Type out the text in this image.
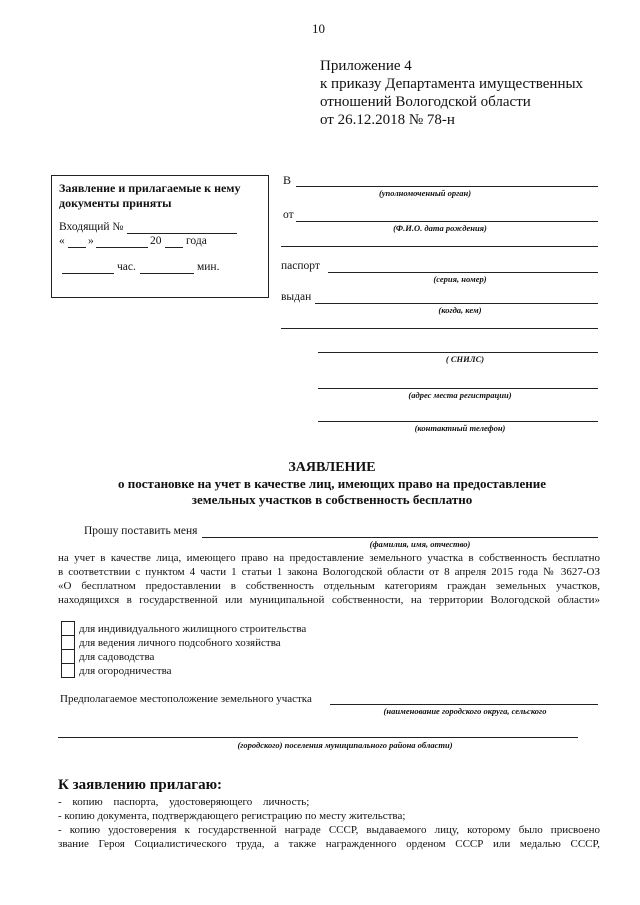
10
Приложение 4
к приказу Департамента имущественных
отношений Вологодской области
от 26.12.2018 № 78-н
Заявление и прилагаемые к нему
документы приняты
Входящий №
« »	20 года
час.	мин.
В
(уполномоченный орган)
от
(Ф.И.О. дата рождения)
паспорт
(серия, номер)
выдан
(когда, кем)
( СНИЛС)
(адрес места регистрации)
(контактный телефон)
ЗАЯВЛЕНИЕ
о постановке на учет в качестве лиц, имеющих право на предоставление
земельных участков в собственность бесплатно
Прошу поставить меня
(фамилия, имя, отчество)
на учет в качестве лица, имеющего право на предоставление земельного участка в собственность бесплатно
в соответствии с пунктом 4 части 1 статьи 1 закона Вологодской области от 8 апреля 2015 года № 3627-ОЗ
«О бесплатном предоставлении в собственность отдельным категориям граждан земельных участков,
находящихся в государственной или муниципальной собственности, на территории Вологодской области»
для индивидуального жилищного строительства
для ведения личного подсобного хозяйства
для садоводства
для огородничества
Предполагаемое местоположение земельного участка
(наименование городского округа, сельского
(городского) поселения муниципального района области)
К заявлению прилагаю:
- копию паспорта, удостоверяющего личность;
- копию документа, подтверждающего регистрацию по месту жительства;
- копию удостоверения к государственной награде СССР, выдаваемого лицу, которому было присвоено
звание Героя Социалистического труда, а также награжденного орденом СССР или медалью СССР,
